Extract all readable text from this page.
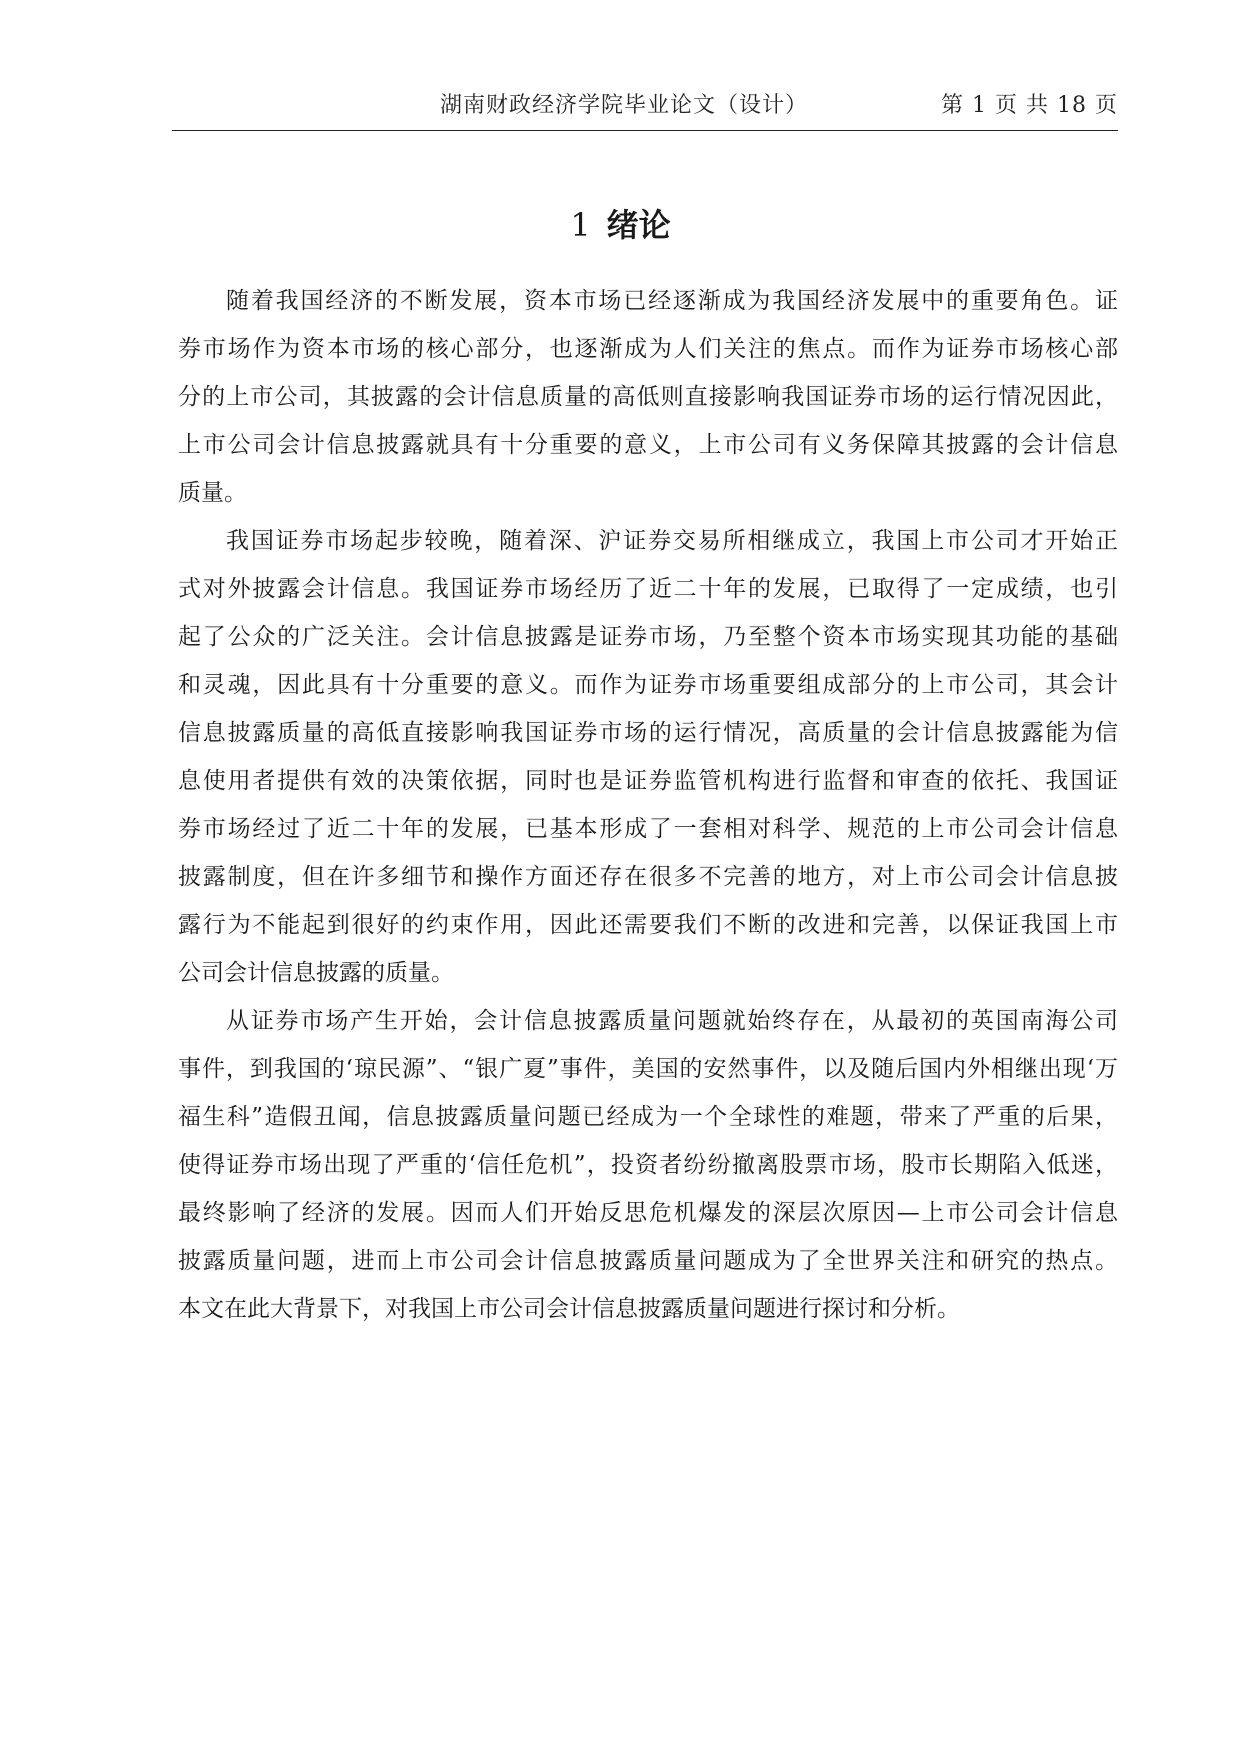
湖南财政经济学院毕业论文（设计）	第 1 页 共 18 页
1 绪论
随着我国经济的不断发展，资本市场已经逐渐成为我国经济发展中的重要角色。证
券市场作为资本市场的核心部分，也逐渐成为人们关注的焦点。而作为证券市场核心部
分的上市公司，其披露的会计信息质量的高低则直接影响我国证券市场的运行情况因此，
上市公司会计信息披露就具有十分重要的意义，上市公司有义务保障其披露的会计信息
质量。
我国证券市场起步较晚，随着深、沪证券交易所相继成立，我国上市公司才开始正
式对外披露会计信息。我国证券市场经历了近二十年的发展，已取得了一定成绩，也引
起了公众的广泛关注。会计信息披露是证券市场，乃至整个资本市场实现其功能的基础
和灵魂，因此具有十分重要的意义。而作为证券市场重要组成部分的上市公司，其会计
信息披露质量的高低直接影响我国证券市场的运行情况，高质量的会计信息披露能为信
息使用者提供有效的决策依据，同时也是证券监管机构进行监督和审查的依托、我国证
券市场经过了近二十年的发展，已基本形成了一套相对科学、规范的上市公司会计信息
披露制度，但在许多细节和操作方面还存在很多不完善的地方，对上市公司会计信息披
露行为不能起到很好的约束作用，因此还需要我们不断的改进和完善，以保证我国上市
公司会计信息披露的质量。
从证券市场产生开始，会计信息披露质量问题就始终存在，从最初的英国南海公司
事件，到我国的‘琼民源”、“银广夏”事件，美国的安然事件，以及随后国内外相继出现‘万
福生科”造假丑闻，信息披露质量问题已经成为一个全球性的难题，带来了严重的后果，
使得证券市场出现了严重的‘信任危机”，投资者纷纷撤离股票市场，股市长期陷入低迷，
最终影响了经济的发展。因而人们开始反思危机爆发的深层次原因—上市公司会计信息
披露质量问题，进而上市公司会计信息披露质量问题成为了全世界关注和研究的热点。
本文在此大背景下，对我国上市公司会计信息披露质量问题进行探讨和分析。
